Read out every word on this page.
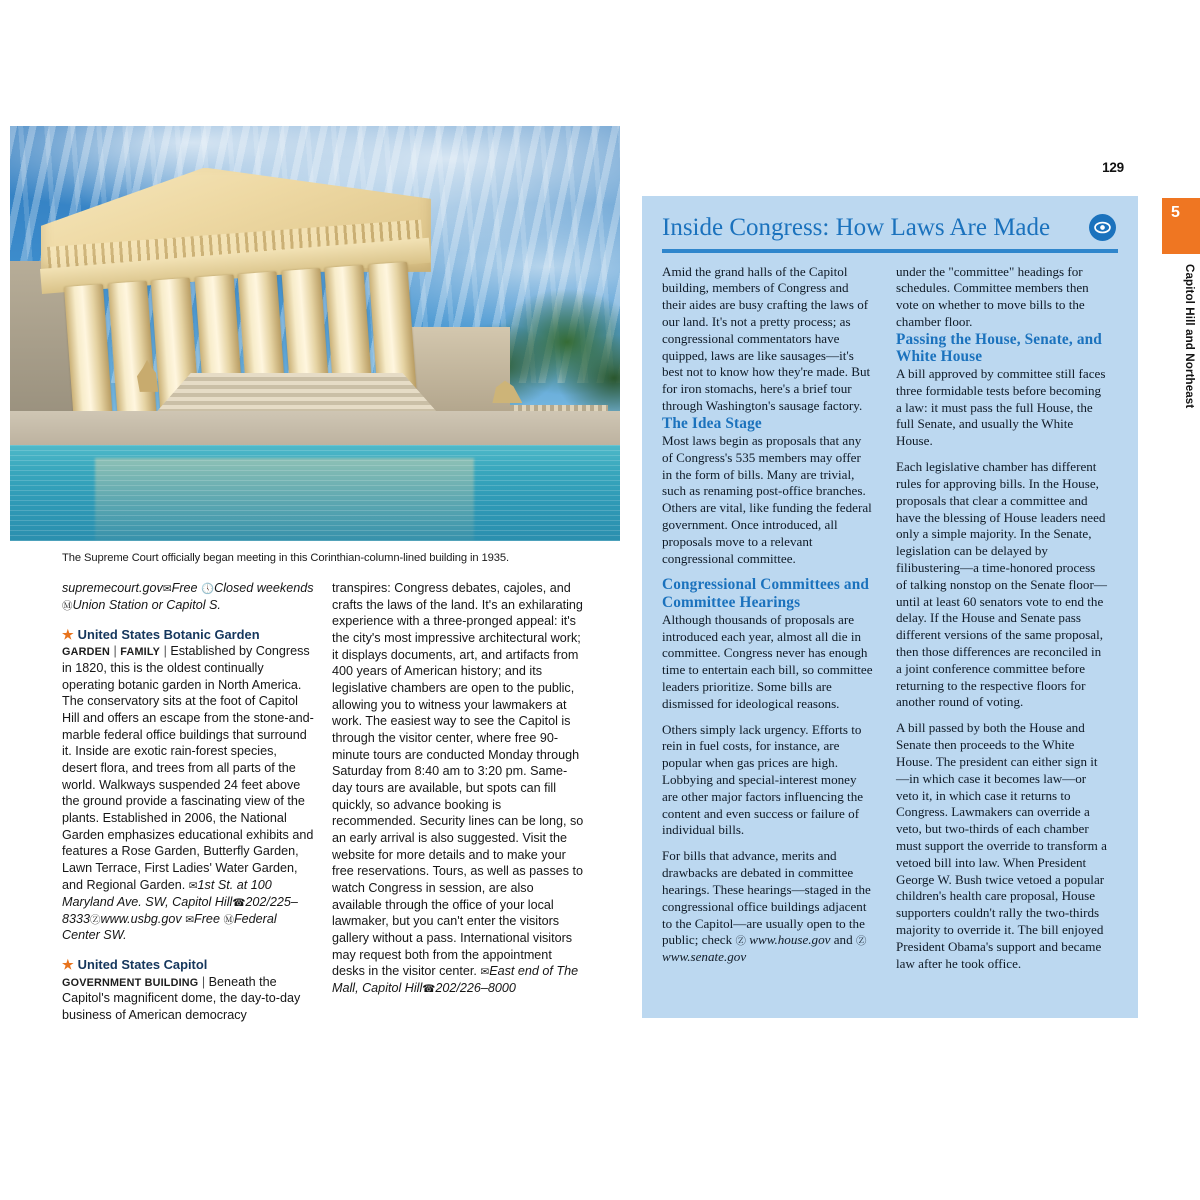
The Supreme Court officially began meeting in this Corinthian-column-lined building in 1935.
supremecourt.gov✉Free 🕔Closed weekends ⓂUnion Station or Capitol S.
★ United States Botanic Garden
GARDEN | FAMILY | Established by Congress in 1820, this is the oldest continually operating botanic garden in North America. The conservatory sits at the foot of Capitol Hill and offers an escape from the stone-and-marble federal office buildings that surround it. Inside are exotic rain-forest species, desert flora, and trees from all parts of the world. Walkways suspended 24 feet above the ground provide a fascinating view of the plants. Established in 2006, the National Garden emphasizes educational exhibits and features a Rose Garden, Butterfly Garden, Lawn Terrace, First Ladies' Water Garden, and Regional Garden. ✉1st St. at 100 Maryland Ave. SW, Capitol Hill☎202/225–8333Ⓩwww.usbg.gov ✉Free ⓂFederal Center SW.
★ United States Capitol
GOVERNMENT BUILDING | Beneath the Capitol's magnificent dome, the day-to-day business of American democracy
transpires: Congress debates, cajoles, and crafts the laws of the land. It's an exhilarating experience with a three-pronged appeal: it's the city's most impressive architectural work; it displays documents, art, and artifacts from 400 years of American history; and its legislative chambers are open to the public, allowing you to witness your lawmakers at work. The easiest way to see the Capitol is through the visitor center, where free 90-minute tours are conducted Monday through Saturday from 8:40 am to 3:20 pm. Same-day tours are available, but spots can fill quickly, so advance booking is recommended. Security lines can be long, so an early arrival is also suggested. Visit the website for more details and to make your free reservations. Tours, as well as passes to watch Congress in session, are also available through the office of your local lawmaker, but you can't enter the visitors gallery without a pass. International visitors may request both from the appointment desks in the visitor center. ✉East end of The Mall, Capitol Hill☎202/226–8000
129
5
Capitol Hill and Northeast
Inside Congress: How Laws Are Made

Amid the grand halls of the Capitol building, members of Congress and their aides are busy crafting the laws of our land. It's not a pretty process; as congressional commentators have quipped, laws are like sausages—it's best not to know how they're made. But for iron stomachs, here's a brief tour through Washington's sausage factory.

The Idea Stage

Most laws begin as proposals that any of Congress's 535 members may offer in the form of bills. Many are trivial, such as renaming post-office branches. Others are vital, like funding the federal government. Once introduced, all proposals move to a relevant congressional committee.

Congressional Committees and Committee Hearings

Although thousands of proposals are introduced each year, almost all die in committee. Congress never has enough time to entertain each bill, so committee leaders prioritize. Some bills are dismissed for ideological reasons.

Others simply lack urgency. Efforts to rein in fuel costs, for instance, are popular when gas prices are high. Lobbying and special-interest money are other major factors influencing the content and even success or failure of individual bills.

For bills that advance, merits and drawbacks are debated in committee hearings. These hearings—staged in the congressional office buildings adjacent to the Capitol—are usually open to the public; check Ⓩ www.house.gov and Ⓩ www.senate.gov

under the "committee" headings for schedules. Committee members then vote on whether to move bills to the chamber floor.

Passing the House, Senate, and White House

A bill approved by committee still faces three formidable tests before becoming a law: it must pass the full House, the full Senate, and usually the White House.

Each legislative chamber has different rules for approving bills. In the House, proposals that clear a committee and have the blessing of House leaders need only a simple majority. In the Senate, legislation can be delayed by filibustering—a time-honored process of talking nonstop on the Senate floor—until at least 60 senators vote to end the delay. If the House and Senate pass different versions of the same proposal, then those differences are reconciled in a joint conference committee before returning to the respective floors for another round of voting.

A bill passed by both the House and Senate then proceeds to the White House. The president can either sign it—in which case it becomes law—or veto it, in which case it returns to Congress. Lawmakers can override a veto, but two-thirds of each chamber must support the override to transform a vetoed bill into law. When President George W. Bush twice vetoed a popular children's health care proposal, House supporters couldn't rally the two-thirds majority to override it. The bill enjoyed President Obama's support and became law after he took office.
